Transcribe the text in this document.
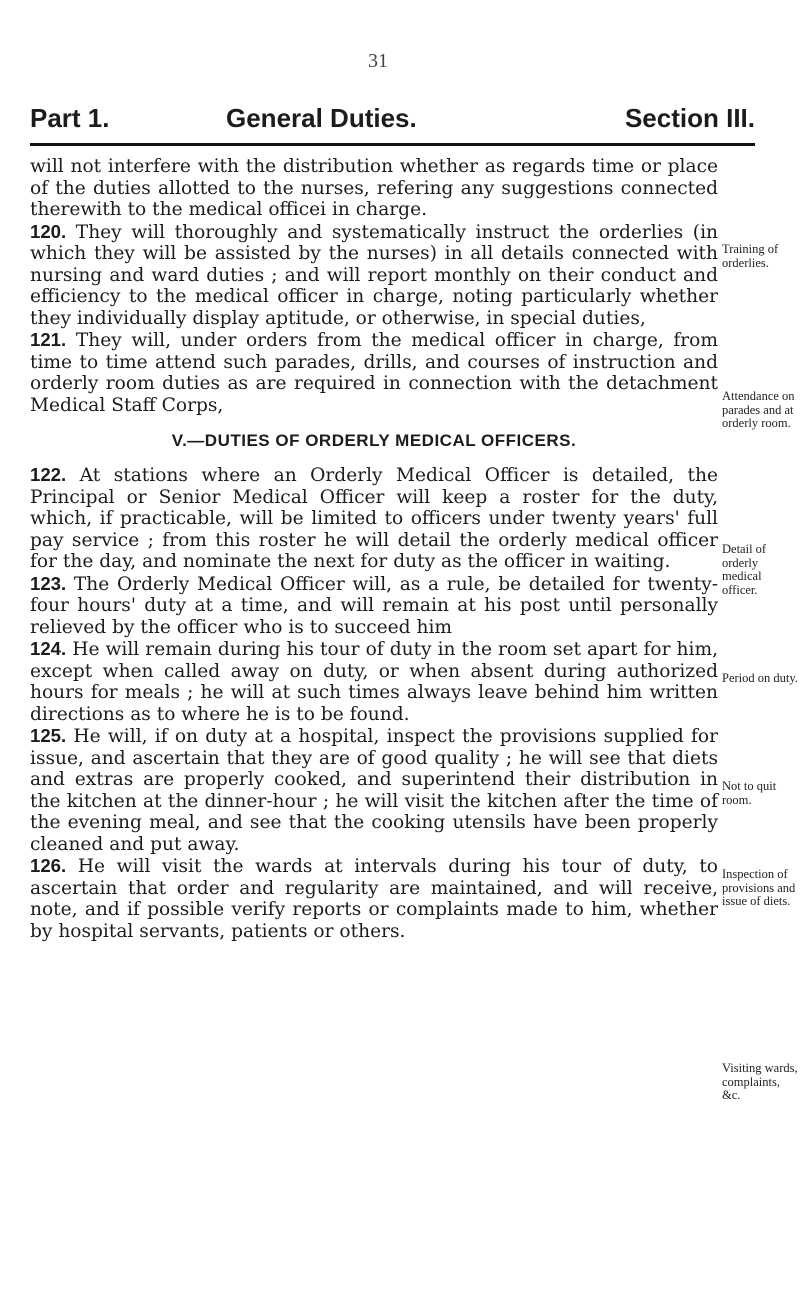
31
Part 1.	General Duties.	Section III.

will not interfere with the distribution whether as regards time or place of the duties allotted to the nurses, refering any suggestions connected therewith to the medical officei in charge.

120. They will thoroughly and systematically instruct the orderlies (in which they will be assisted by the nurses) in all details connected with nursing and ward duties ; and will report monthly on their conduct and efficiency to the medical officer in charge, noting particularly whether they individually display aptitude, or otherwise, in special duties,

121. They will, under orders from the medical officer in charge, from time to time attend such parades, drills, and courses of instruction and orderly room duties as are required in connection with the detachment Medical Staff Corps,

V.—DUTIES OF ORDERLY MEDICAL OFFICERS.

122. At stations where an Orderly Medical Officer is detailed, the Principal or Senior Medical Officer will keep a roster for the duty, which, if practicable, will be limited to officers under twenty years' full pay service ; from this roster he will detail the orderly medical officer for the day, and nominate the next for duty as the officer in waiting.

123. The Orderly Medical Officer will, as a rule, be detailed for twenty-four hours' duty at a time, and will remain at his post until personally relieved by the officer who is to succeed him

124. He will remain during his tour of duty in the room set apart for him, except when called away on duty, or when absent during authorized hours for meals ; he will at such times always leave behind him written directions as to where he is to be found.

125. He will, if on duty at a hospital, inspect the provisions supplied for issue, and ascertain that they are of good quality ; he will see that diets and extras are properly cooked, and superintend their distribution in the kitchen at the dinner-hour ; he will visit the kitchen after the time of the evening meal, and see that the cooking utensils have been properly cleaned and put away.

126. He will visit the wards at intervals during his tour of duty, to ascertain that order and regularity are maintained, and will receive, note, and if possible verify reports or complaints made to him, whether by hospital servants, patients or others.

Training of orderlies.
Attendance on parades and at orderly room.
Detail of orderly medical officer.
Period on duty.
Not to quit room.
Inspection of provisions and issue of diets.
Visiting wards, complaints, &c.
